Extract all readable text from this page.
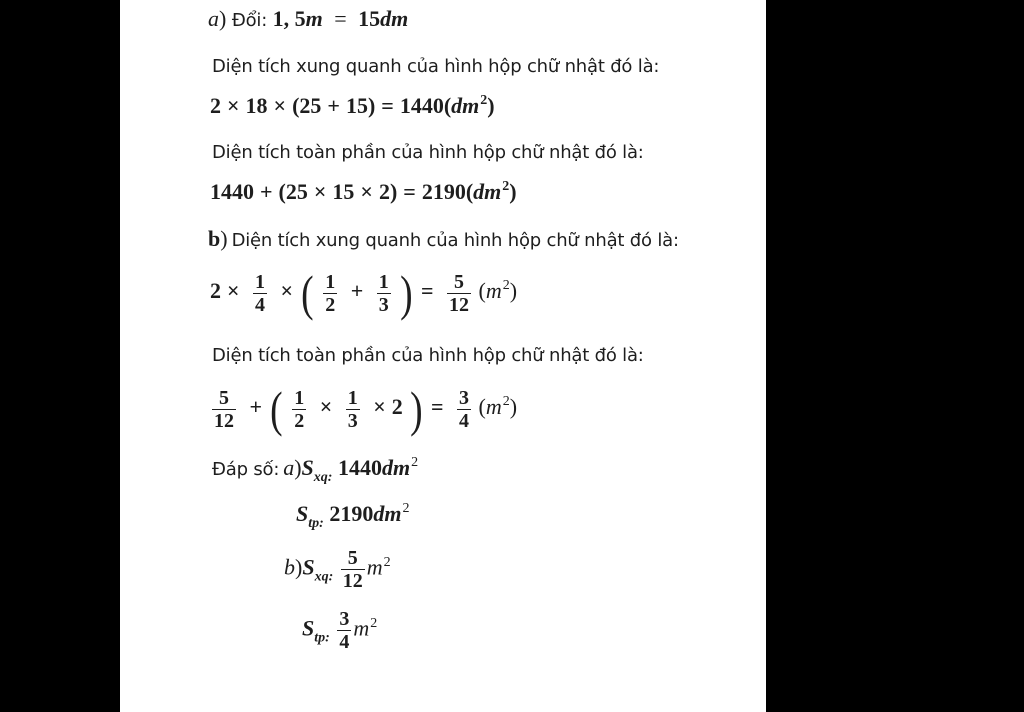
a) Đổi: 1, 5m = 15dm
Diện tích xung quanh của hình hộp chữ nhật đó là:
$2 \times 18 \times (25 + 15) = 1440(dm^2)$
Diện tích toàn phần của hình hộp chữ nhật đó là:
$1440 + (25 \times 15 \times 2) = 2190(dm^2)$
b) Diện tích xung quanh của hình hộp chữ nhật đó là:
$2 \times \frac{1}{4}$ × ( $\frac{1}{2} + \frac{1}{3}$ ) = $\frac{5}{12} (m^2)$
Diện tích toàn phần của hình hộp chữ nhật đó là:
$\frac{5}{12}$ + ( $\frac{1}{2} \times \frac{1}{3} \times 2$ ) = $\frac{3}{4} (m^2)$
Đáp số: $a)S_{xq:}$ $1440dm^2$
$S_{tp:}$ $2190dm^2$
$b)S_{xq:} \frac{5}{12} m^2$
$S_{tp:} \frac{3}{4} m^2$
